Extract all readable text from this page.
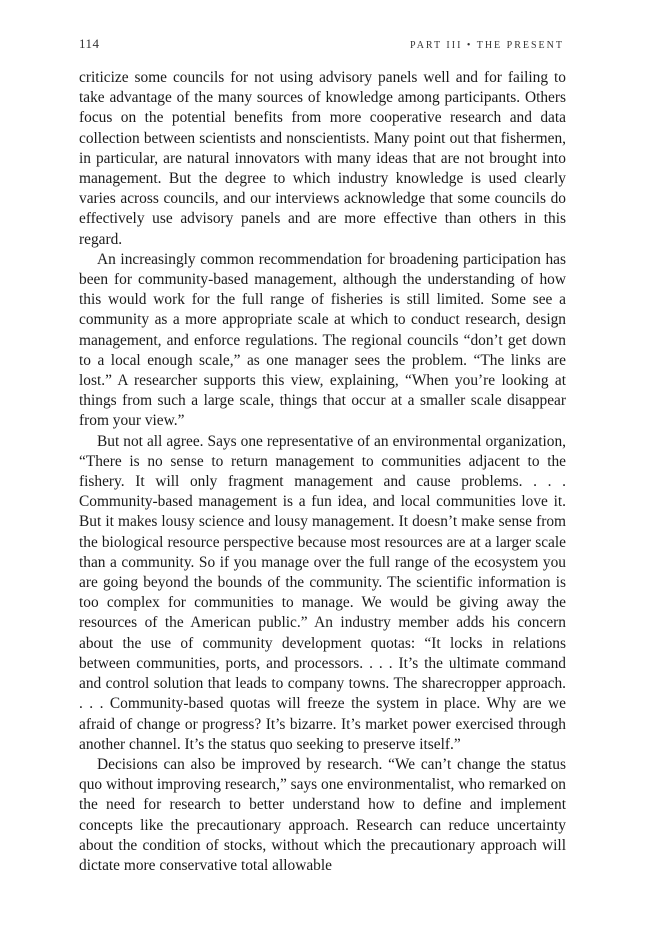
114	PART III • THE PRESENT

criticize some councils for not using advisory panels well and for failing to take advantage of the many sources of knowledge among participants. Others focus on the potential benefits from more cooperative research and data collection between scientists and nonscientists. Many point out that fishermen, in particular, are natural innovators with many ideas that are not brought into management. But the degree to which industry knowledge is used clearly varies across councils, and our interviews acknowledge that some councils do effectively use advisory panels and are more effective than others in this regard.

An increasingly common recommendation for broadening participation has been for community-based management, although the understanding of how this would work for the full range of fisheries is still limited. Some see a community as a more appropriate scale at which to conduct research, design management, and enforce regulations. The regional councils “don’t get down to a local enough scale,” as one manager sees the problem. “The links are lost.” A researcher supports this view, explaining, “When you’re looking at things from such a large scale, things that occur at a smaller scale disappear from your view.”

But not all agree. Says one representative of an environmental organization, “There is no sense to return management to communities adjacent to the fishery. It will only fragment management and cause problems. . . . Community-based management is a fun idea, and local communities love it. But it makes lousy science and lousy management. It doesn’t make sense from the biological resource perspective because most resources are at a larger scale than a community. So if you manage over the full range of the ecosystem you are going beyond the bounds of the community. The scientific information is too complex for communities to manage. We would be giving away the resources of the American public.” An industry member adds his concern about the use of community development quotas: “It locks in relations between communities, ports, and processors. . . . It’s the ultimate command and control solution that leads to company towns. The sharecropper approach. . . . Community-based quotas will freeze the system in place. Why are we afraid of change or progress? It’s bizarre. It’s market power exercised through another channel. It’s the status quo seeking to preserve itself.”

Decisions can also be improved by research. “We can’t change the status quo without improving research,” says one environmentalist, who remarked on the need for research to better understand how to define and implement concepts like the precautionary approach. Research can reduce uncertainty about the condition of stocks, without which the precautionary approach will dictate more conservative total allowable
